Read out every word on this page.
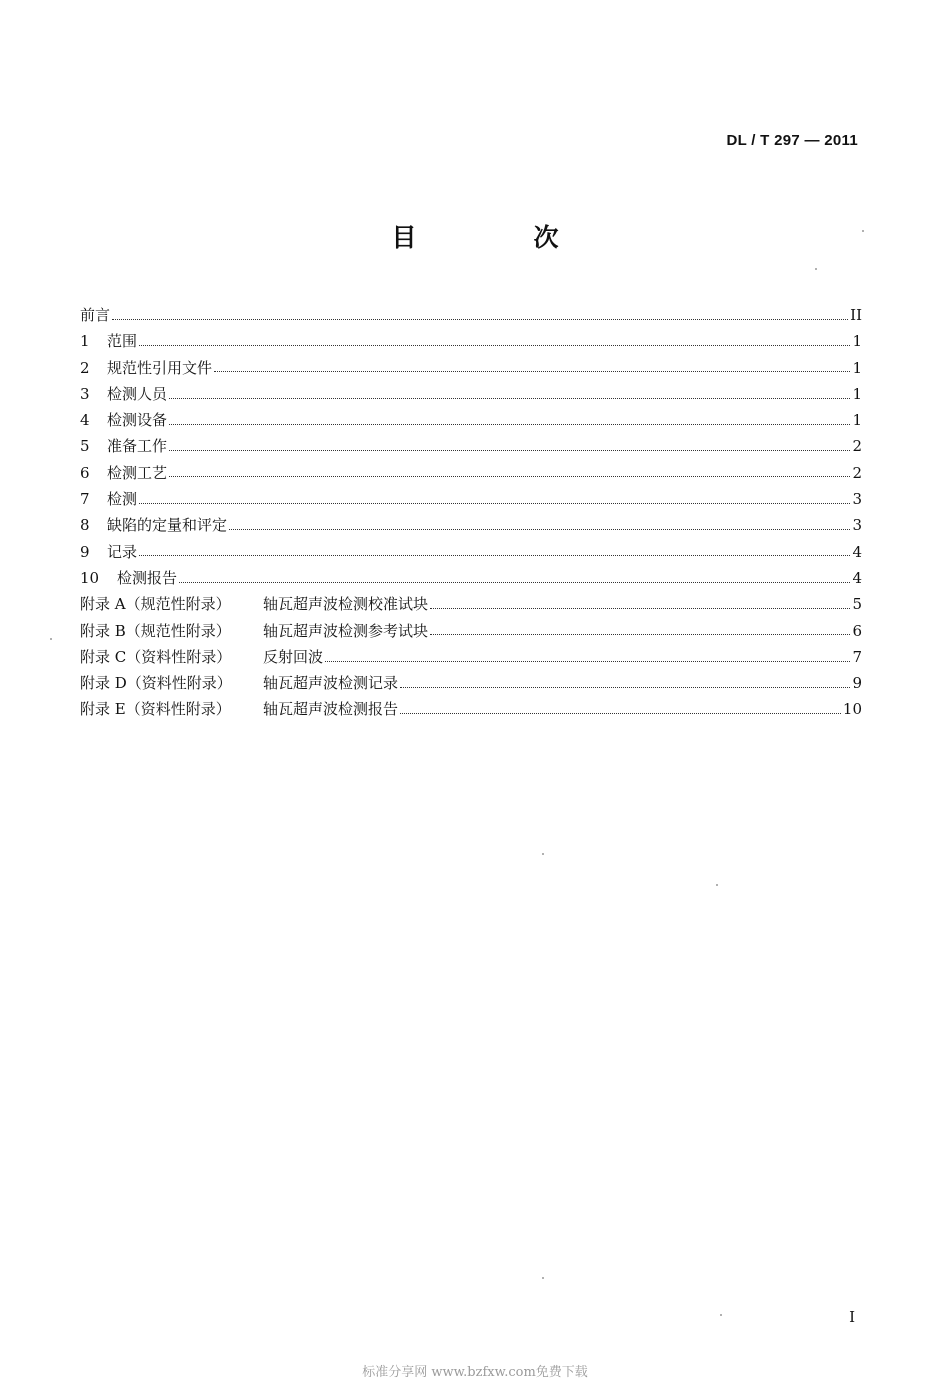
DL / T 297 — 2011
目　次
前言	II
1	范围	1
2	规范性引用文件	1
3	检测人员	1
4	检测设备	1
5	准备工作	2
6	检测工艺	2
7	检测	3
8	缺陷的定量和评定	3
9	记录	4
10	检测报告	4
附录 A（规范性附录）	轴瓦超声波检测校准试块	5
附录 B（规范性附录）	轴瓦超声波检测参考试块	6
附录 C（资料性附录）	反射回波	7
附录 D（资料性附录）	轴瓦超声波检测记录	9
附录 E（资料性附录）	轴瓦超声波检测报告	10
I
标准分享网 www.bzfxw.com免费下载
